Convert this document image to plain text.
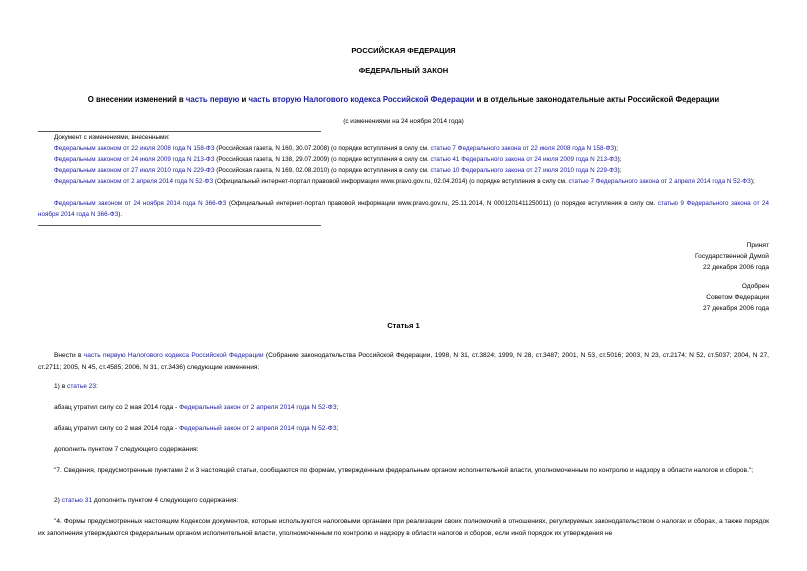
РОССИЙСКАЯ ФЕДЕРАЦИЯ
ФЕДЕРАЛЬНЫЙ ЗАКОН
О внесении изменений в часть первую и часть вторую Налогового кодекса Российской Федерации и в отдельные законодательные акты Российской Федерации
(с изменениями на 24 ноября 2014 года)
Документ с изменениями, внесенными:
Федеральным законом от 22 июля 2008 года N 158-ФЗ (Российская газета, N 160, 30.07.2008) (о порядке вступления в силу см. статью 7 Федерального закона от 22 июля 2008 года N 158-ФЗ);
Федеральным законом от 24 июля 2009 года N 213-ФЗ (Российская газета, N 138, 29.07.2009) (о порядке вступления в силу см. статью 41 Федерального закона от 24 июля 2009 года N 213-ФЗ);
Федеральным законом от 27 июля 2010 года N 229-ФЗ (Российская газета, N 169, 02.08.2010) (о порядке вступления в силу см. статью 10 Федерального закона от 27 июля 2010 года N 229-ФЗ);
Федеральным законом от 2 апреля 2014 года N 52-ФЗ (Официальный интернет-портал правовой информации www.pravo.gov.ru, 02.04.2014) (о порядке вступления в силу см. статью 7 Федерального закона от 2 апреля 2014 года N 52-ФЗ);
Федеральным законом от 24 ноября 2014 года N 366-ФЗ (Официальный интернет-портал правовой информации www.pravo.gov.ru, 25.11.2014, N 0001201411250011) (о порядке вступления в силу см. статью 9 Федерального закона от 24 ноября 2014 года N 366-ФЗ).
Принят
Государственной Думой
22 декабря 2006 года
Одобрен
Советом Федерации
27 декабря 2006 года
Статья 1
Внести в часть первую Налогового кодекса Российской Федерации (Собрание законодательства Российской Федерации, 1998, N 31, ст.3824; 1999, N 28, ст.3487; 2001, N 53, ст.5016; 2003, N 23, ст.2174; N 52, ст.5037; 2004, N 27, ст.2711; 2005, N 45, ст.4585; 2006, N 31, ст.3436) следующие изменения:
1) в статье 23:
абзац утратил силу со 2 мая 2014 года - Федеральный закон от 2 апреля 2014 года N 52-ФЗ;
абзац утратил силу со 2 мая 2014 года - Федеральный закон от 2 апреля 2014 года N 52-ФЗ;
дополнить пунктом 7 следующего содержания:
"7. Сведения, предусмотренные пунктами 2 и 3 настоящей статьи, сообщаются по формам, утвержденным федеральным органом исполнительной власти, уполномоченным по контролю и надзору в области налогов и сборов.";
2) статью 31 дополнить пунктом 4 следующего содержания:
"4. Формы предусмотренных настоящим Кодексом документов, которые используются налоговыми органами при реализации своих полномочий в отношениях, регулируемых законодательством о налогах и сборах, а также порядок их заполнения утверждаются федеральным органом исполнительной власти, уполномоченным по контролю и надзору в области налогов и сборов, если иной порядок их утверждения не
